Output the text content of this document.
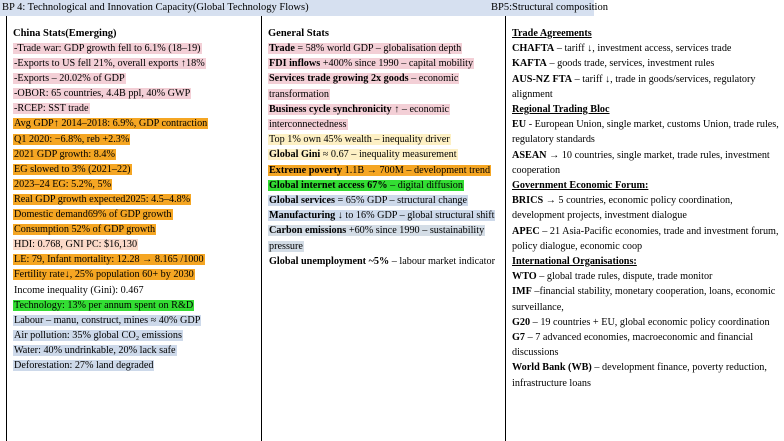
BP 4: Technological and Innovation Capacity(Global Technology Flows)	BP5:Structural composition
China Stats(Emerging)
-Trade war: GDP growth fell to 6.1% (18–19)
-Exports to US fell 21%, overall exports ↑18%
-Exports – 20.02% of GDP
-OBOR: 65 countries, 4.4B ppl, 40% GWP
-RCEP: SST trade
Avg GDP↑ 2014–2018: 6.9%, GDP contraction
Q1 2020: −6.8%, reb +2.3%
2021 GDP growth: 8.4%
EG slowed to 3% (2021–22)
2023–24 EG: 5.2%, 5%
Real GDP growth expected2025: 4.5–4.8%
Domestic demand69% of GDP growth
Consumption 52% of GDP growth
HDI: 0.768, GNI PC: $16,130
LE: 79, Infant mortality: 12.28 → 8.165 /1000
Fertility rate↓, 25% population 60+ by 2030
Income inequality (Gini): 0.467
Technology: 13% per annum spent on R&D
Labour – manu, construct, mines ≈ 40% GDP
Air pollution: 35% global CO₂ emissions
Water: 40% undrinkable, 20% lack safe
Deforestation: 27% land degraded
General Stats

Trade = 58% world GDP – globalisation depth

FDI inflows +400% since 1990 – capital mobility

Services trade growing 2x goods – economic transformation

Business cycle synchronicity ↑ – economic interconnectedness

Top 1% own 45% wealth – inequality driver

Global Gini ≈ 0.67 – inequality measurement

Extreme poverty 1.1B → 700M – development trend

Global internet access 67% – digital diffusion

Global services = 65% GDP – structural change

Manufacturing ↓ to 16% GDP – global structural shift

Carbon emissions +60% since 1990 – sustainability pressure

Global unemployment ~5% – labour market indicator

Trade Agreements

CHAFTA – tariff ↓, investment access, services trade

KAFTA – goods trade, services, investment rules

AUS-NZ FTA – tariff ↓, trade in goods/services, regulatory alignment

Regional Trading Bloc

EU - European Union, single market, customs Union, trade rules, regulatory standards

ASEAN → 10 countries, single market, trade rules, investment cooperation

Government Economic Forum:

BRICS → 5 countries, economic policy coordination, development projects, investment dialogue

APEC – 21 Asia-Pacific economies, trade and investment forum, policy dialogue, economic coop

International Organisations:

WTO – global trade rules, dispute, trade monitor

IMF –financial stability, monetary cooperation, loans, economic surveillance,

G20 – 19 countries + EU, global economic policy coordination

G7 – 7 advanced economies, macroeconomic and financial discussions

World Bank (WB) – development finance, poverty reduction, infrastructure loans
